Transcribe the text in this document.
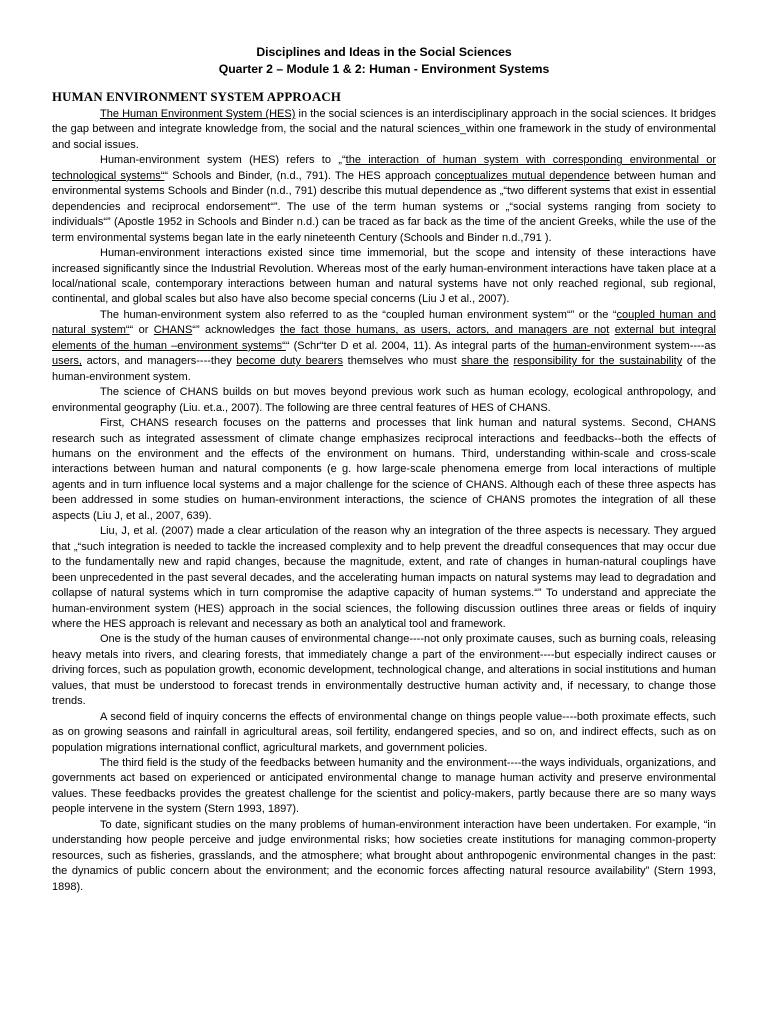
Disciplines and Ideas in the Social Sciences
Quarter 2 – Module 1 & 2: Human - Environment Systems
HUMAN ENVIRONMENT SYSTEM APPROACH

The Human Environment System (HES) in the social sciences is an interdisciplinary approach in the social sciences. It bridges the gap between and integrate knowledge from, the social and the natural sciences_within one framework in the study of environmental and social issues.

Human-environment system (HES) refers to „“the interaction of human system with corresponding environmental or technological systems““ Schools and Binder, (n.d., 791). The HES approach conceptualizes mutual dependence between human and environmental systems Schools and Binder (n.d., 791) describe this mutual dependence as „“two different systems that exist in essential dependencies and reciprocal endorsement“”. The use of the term human systems or „“social systems ranging from society to individuals“” (Apostle 1952 in Schools and Binder n.d.) can be traced as far back as the time of the ancient Greeks, while the use of the term environmental systems began late in the early nineteenth Century (Schools and Binder n.d.,791 ).

Human-environment interactions existed since time immemorial, but the scope and intensity of these interactions have increased significantly since the Industrial Revolution. Whereas most of the early human-environment interactions have taken place at a local/national scale, contemporary interactions between human and natural systems have not only reached regional, sub regional, continental, and global scales but also have also become special concerns (Liu J et al., 2007).

The human-environment system also referred to as the “coupled human environment system“” or the “coupled human and natural system““ or CHANS“” acknowledges the fact those humans, as users, actors, and managers are not external but integral elements of the human –environment systems““ (Schr“ter D et al. 2004, 11). As integral parts of the human-environment system----as users, actors, and managers----they become duty bearers themselves who must share the responsibility for the sustainability of the human-environment system.

The science of CHANS builds on but moves beyond previous work such as human ecology, ecological anthropology, and environmental geography (Liu. et.a., 2007). The following are three central features of HES of CHANS.

First, CHANS research focuses on the patterns and processes that link human and natural systems. Second, CHANS research such as integrated assessment of climate change emphasizes reciprocal interactions and feedbacks--both the effects of humans on the environment and the effects of the environment on humans. Third, understanding within-scale and cross-scale interactions between human and natural components (e g. how large-scale phenomena emerge from local interactions of multiple agents and in turn influence local systems and a major challenge for the science of CHANS. Although each of these three aspects has been addressed in some studies on human-environment interactions, the science of CHANS promotes the integration of all these aspects (Liu J, et al., 2007, 639).

Liu, J, et al. (2007) made a clear articulation of the reason why an integration of the three aspects is necessary. They argued that „“such integration is needed to tackle the increased complexity and to help prevent the dreadful consequences that may occur due to the fundamentally new and rapid changes, because the magnitude, extent, and rate of changes in human-natural couplings have been unprecedented in the past several decades, and the accelerating human impacts on natural systems may lead to degradation and collapse of natural systems which in turn compromise the adaptive capacity of human systems.“” To understand and appreciate the human-environment system (HES) approach in the social sciences, the following discussion outlines three areas or fields of inquiry where the HES approach is relevant and necessary as both an analytical tool and framework.

One is the study of the human causes of environmental change----not only proximate causes, such as burning coals, releasing heavy metals into rivers, and clearing forests, that immediately change a part of the environment----but especially indirect causes or driving forces, such as population growth, economic development, technological change, and alterations in social institutions and human values, that must be understood to forecast trends in environmentally destructive human activity and, if necessary, to change those trends.

A second field of inquiry concerns the effects of environmental change on things people value----both proximate effects, such as on growing seasons and rainfall in agricultural areas, soil fertility, endangered species, and so on, and indirect effects, such as on population migrations international conflict, agricultural markets, and government policies.

The third field is the study of the feedbacks between humanity and the environment----the ways individuals, organizations, and governments act based on experienced or anticipated environmental change to manage human activity and preserve environmental values. These feedbacks provides the greatest challenge for the scientist and policy-makers, partly because there are so many ways people intervene in the system (Stern 1993, 1897).

To date, significant studies on the many problems of human-environment interaction have been undertaken. For example, “in understanding how people perceive and judge environmental risks; how societies create institutions for managing common-property resources, such as fisheries, grasslands, and the atmosphere; what brought about anthropogenic environmental changes in the past: the dynamics of public concern about the environment; and the economic forces affecting natural resource availability” (Stern 1993, 1898).
